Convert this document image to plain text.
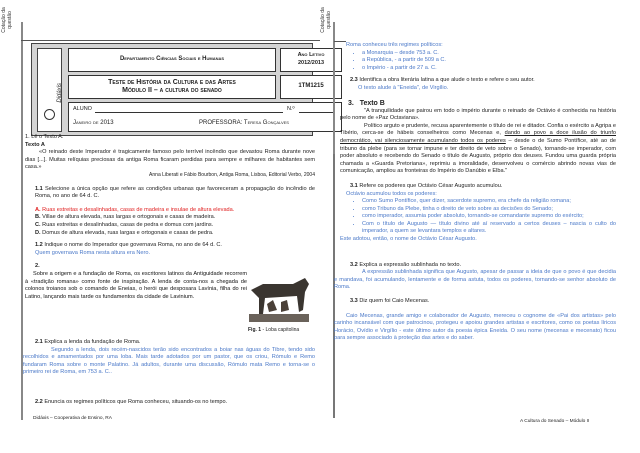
Cotação da questão
Didáxis
Departamento Ciências Sociais e Humanas
Ano Letivo
2012/2013
Teste de História da Cultura e das Artes
Módulo II – a cultura do senado
1TM1215
ALUNO	N.º
Janeiro de 2013	PROFESSORA: Teresa Gonçalves

1. Lê o Texto A.

Texto A

«O reinado deste Imperador é tragicamente famoso pelo terrível incêndio que devastou Roma durante nove dias [...]. Muitas relíquias preciosas da antiga Roma ficaram perdidas para sempre e milhares de habitantes sem casa.»

Anna Liberati e Fábio Bourbon, Antiga Roma, Lisboa, Editorial Verbo, 2004

1.1 Selecione a única opção que refere as condições urbanas que favoreceram a propagação do incêndio de Roma, no ano de 64 d. C.

A. Ruas estreitas e desalinhadas, casas de madeira e insulae de altura elevada.

B. Villae de altura elevada, ruas largas e ortogonais e casas de madeira.

C. Ruas estreitas e desalinhadas, casas de pedra e domus com jardins.

D. Domus de altura elevada, ruas largas e ortogonais e casas de pedra.

1.2 Indique o nome do Imperador que governava Roma, no ano de 64 d. C.

Quem governava Roma nesta altura era Nero.

2.

Sobre a origem e a fundação de Roma, os escritores latinos da Antiguidade recorrem à «tradição romana» como fonte de inspiração. A lenda de conta-nos a chegada de colonos troianos sob o comando de Eneias, o herói que desposara Lavínia, filha do rei Latino, lançando mais tarde os fundamentos da cidade de Lavinium.

Fig. 1 - Loba capitolina

2.1 Explica a lenda da fundação de Roma.

Segundo a lenda, dois recém-nascidos terão sido encontrados a boiar nas águas do Tibre, tendo sido recolhidos e amamentados por uma loba. Mais tarde adotados por um pastor, que os criou, Rómulo e Remo fundaram Roma sobre o monte Palatino. Já adultos, durante uma discussão, Rómulo mata Remo e torna-se o primeiro rei de Roma, em 753 a. C..

2.2 Enuncia os regimes políticos que Roma conheceu, situando-os no tempo.

Didáxis – Cooperativa de Ensino, RA

Cotação da questão

Roma conheceu três regimes políticos:

• a Monarquia – desde 753 a. C.
• a República, - a partir de 509 a C.
• o Império - a partir de 27 a. C.

2.3 Identifica a obra literária latina a que alude o texto e refere o seu autor.

O texto alude à "Eneida", de Virgílio.

3. Texto B

"A tranquilidade que pairou em todo o império durante o reinado de Octávio é conhecida na história pelo nome de «Paz Octaviana».

Político arguto e prudente, recusa aparentemente o título de rei e ditador. Confia o exército a Agripa e Tibério, cerca-se de hábeis conselheiros como Mecenas e, dando ao povo a doce ilusão do triunfo democrático, vai silenciosamente acumulando todos os poderes – desde o de Sumo Pontífice, até ao de tribuno da plebe (para se tornar impune e ter direito de veto sobre o Senado), tornando-se imperador, com poder absoluto e recebendo do Senado o título de Augusto, próprio dos deuses. Fundou uma guarda própria chamada a «Guarda Pretoriana», reprimiu a imoralidade, desenvolveu o comércio abrindo novas vias de comunicação, ampliou as fronteiras do Império do Danúbio e Elba."

3.1 Refere os poderes que Octávio César Augusto acumulou.

Octávio acumulou todos os poderes:

• Como Sumo Pontífice, quer dizer, sacerdote supremo, era chefe da religião romana;
• como Tribuno da Plebe, tinha o direito de veto sobre as decisões do Senado;
• como imperador, assumia poder absoluto, tornando-se comandante supremo do exército;
• Com o título de Augusto — título divino até aí reservado a certos deuses – nascia o culto do imperador, a quem se levantara templos e altares.

Este adotou, então, o nome de Octávio César Augusto.

3.2 Explica a expressão sublinhada no texto.

A expressão sublinhada significa que Augusto, apesar de passar a ideia de que o povo é que decidia e mandava, foi acumulando, lentamente e de forma astuta, todos os poderes, tornando-se senhor absoluto de Roma.

3.3 Diz quem foi Caio Mecenas.

Caio Mecenas, grande amigo e colaborador de Augusto, mereceu o cognome de «Pai dos artistas» pelo carinho incansável com que patrocinou, protegeu e apoiou grandes artistas e escritores, como os poetas líricos Horácio, Ovídio e Virgílio - este último autor da poesia épica Eneida. O seu nome (mecenas e mecenato) ficou para sempre associado à proteção das artes e do saber.

A Cultura do Senado – Módulo II
